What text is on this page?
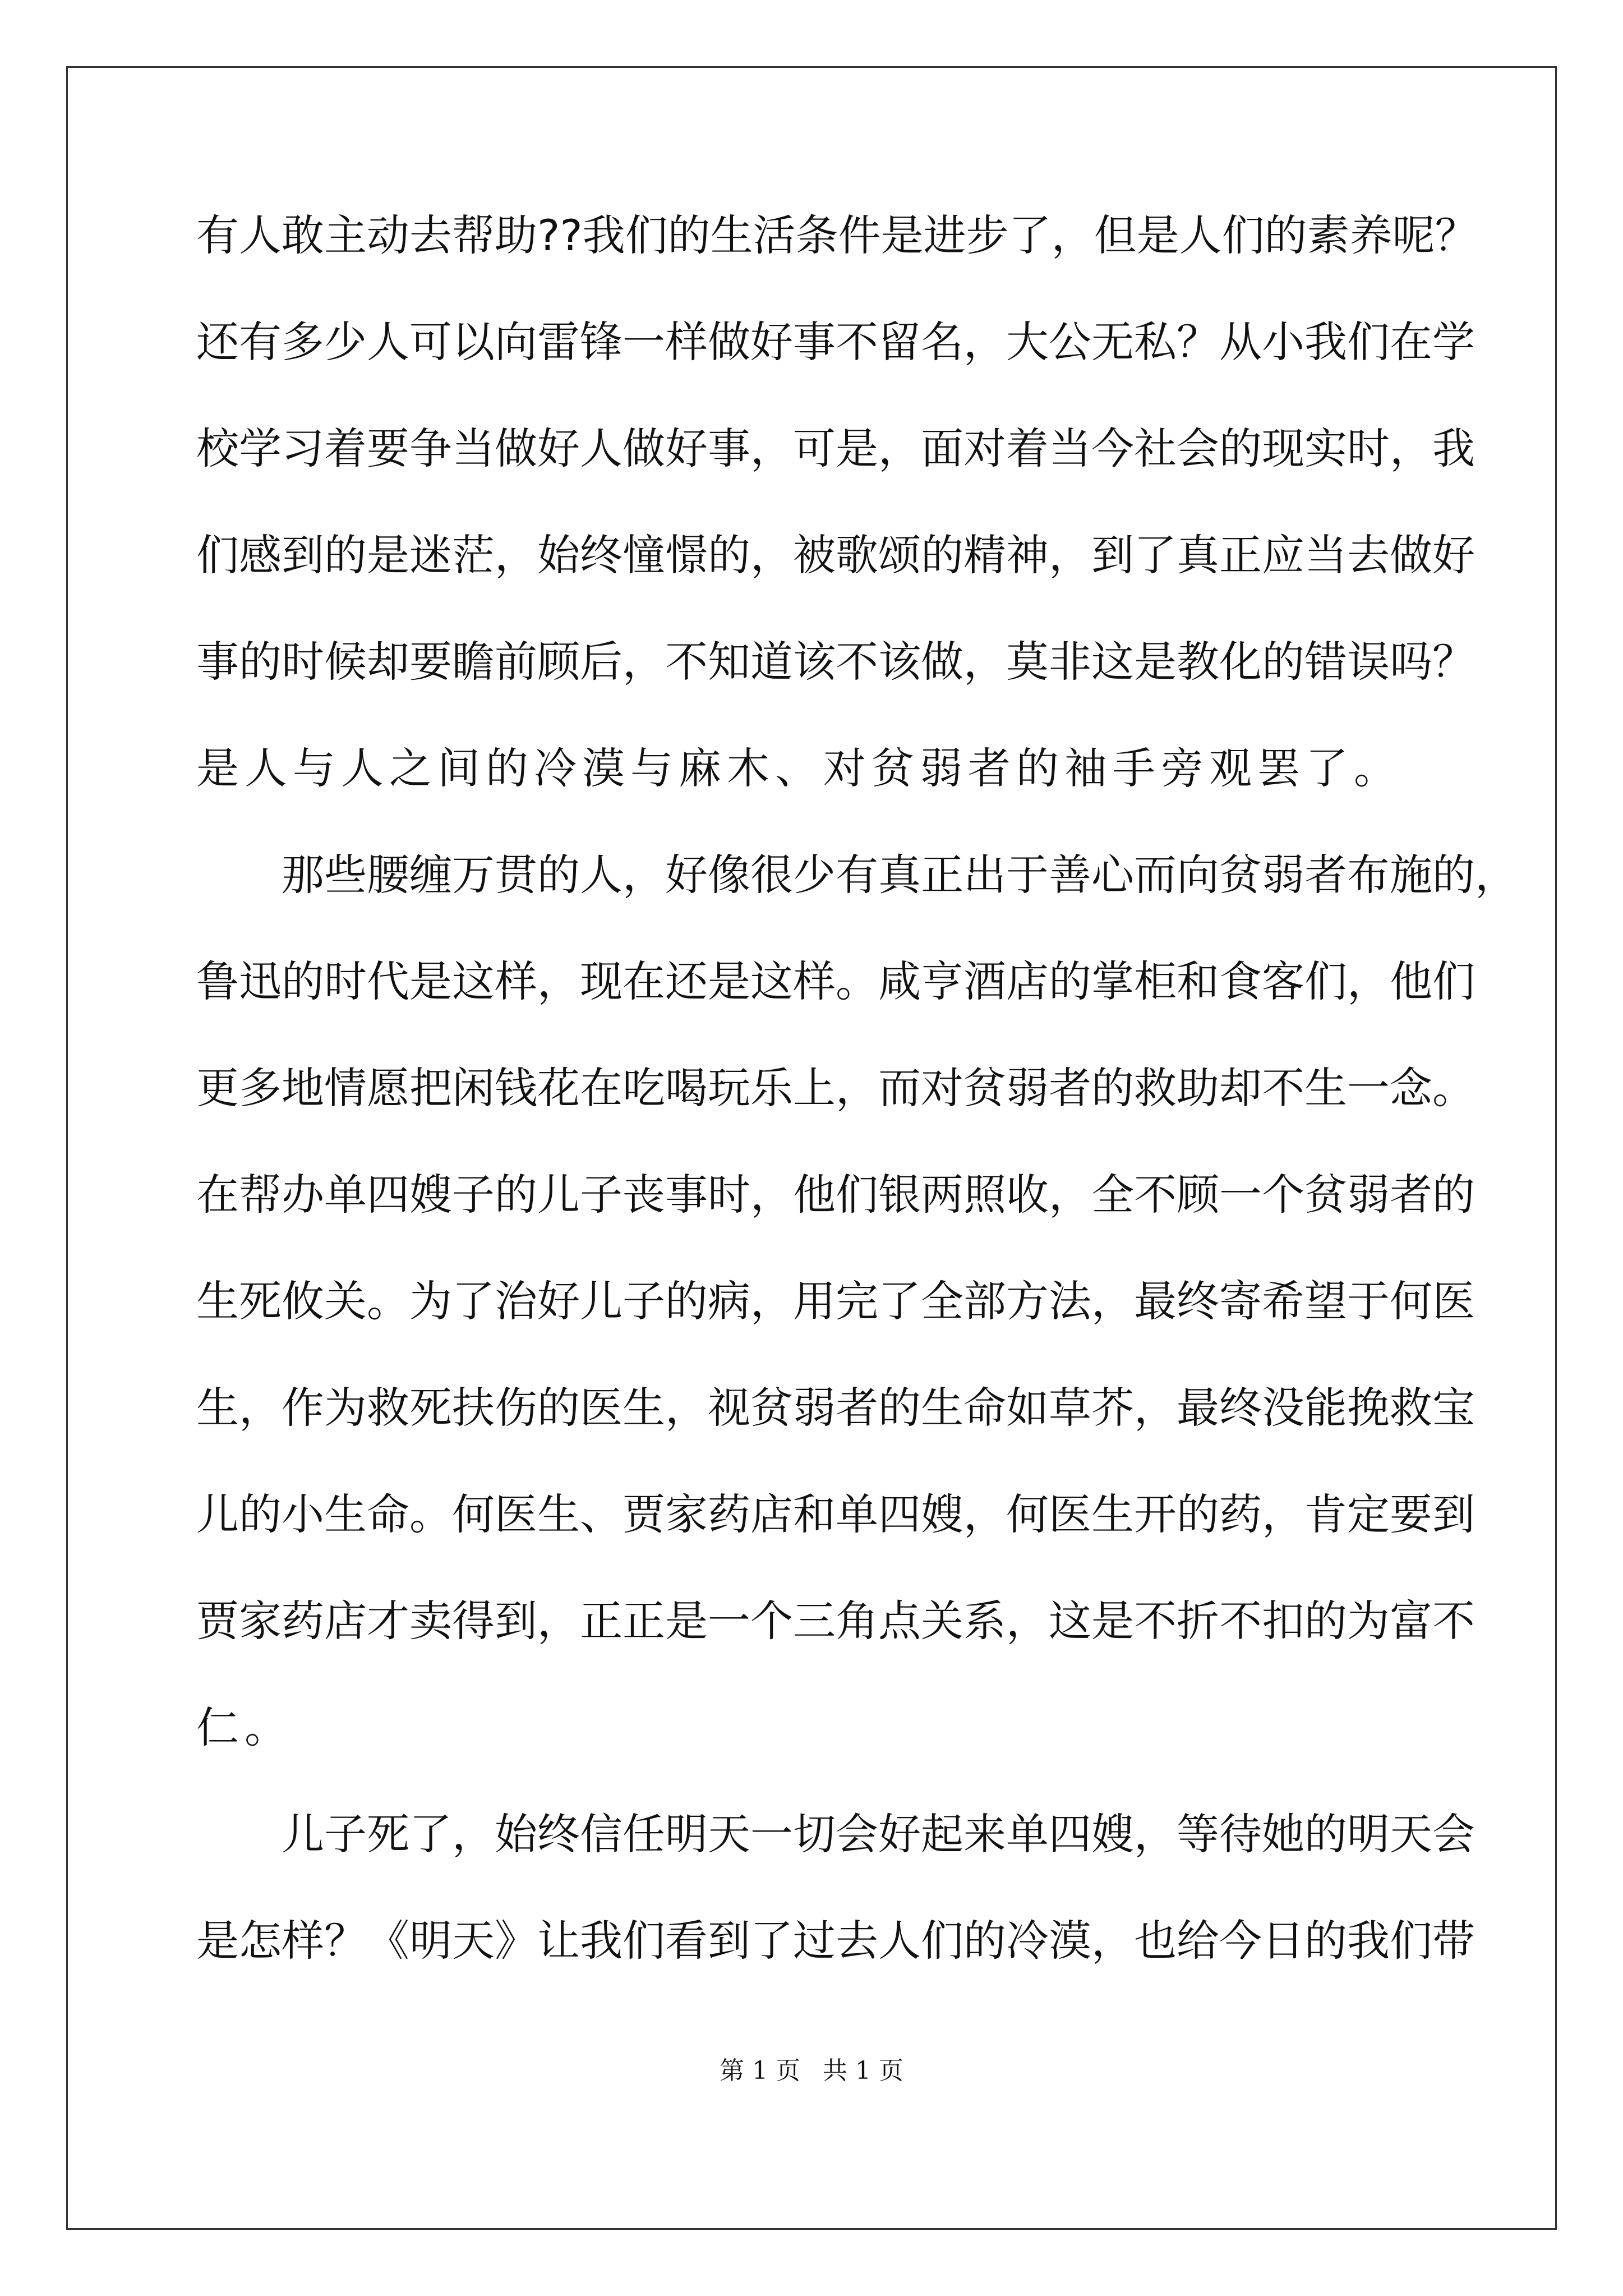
有人敢主动去帮助??我们的生活条件是进步了，但是人们的素养呢？
还有多少人可以向雷锋一样做好事不留名，大公无私？从小我们在学
校学习着要争当做好人做好事，可是，面对着当今社会的现实时，我
们感到的是迷茫，始终憧憬的，被歌颂的精神，到了真正应当去做好
事的时候却要瞻前顾后，不知道该不该做，莫非这是教化的错误吗？
是人与人之间的冷漠与麻木、对贫弱者的袖手旁观罢了。
那些腰缠万贯的人，好像很少有真正出于善心而向贫弱者布施的，
鲁迅的时代是这样，现在还是这样。咸亨酒店的掌柜和食客们，他们
更多地情愿把闲钱花在吃喝玩乐上，而对贫弱者的救助却不生一念。
在帮办单四嫂子的儿子丧事时，他们银两照收，全不顾一个贫弱者的
生死攸关。为了治好儿子的病，用完了全部方法，最终寄希望于何医
生，作为救死扶伤的医生，视贫弱者的生命如草芥，最终没能挽救宝
儿的小生命。何医生、贾家药店和单四嫂，何医生开的药，肯定要到
贾家药店才卖得到，正正是一个三角点关系，这是不折不扣的为富不
仁。
儿子死了，始终信任明天一切会好起来单四嫂，等待她的明天会
是怎样？《明天》让我们看到了过去人们的冷漠，也给今日的我们带
第 1 页 共 1 页
